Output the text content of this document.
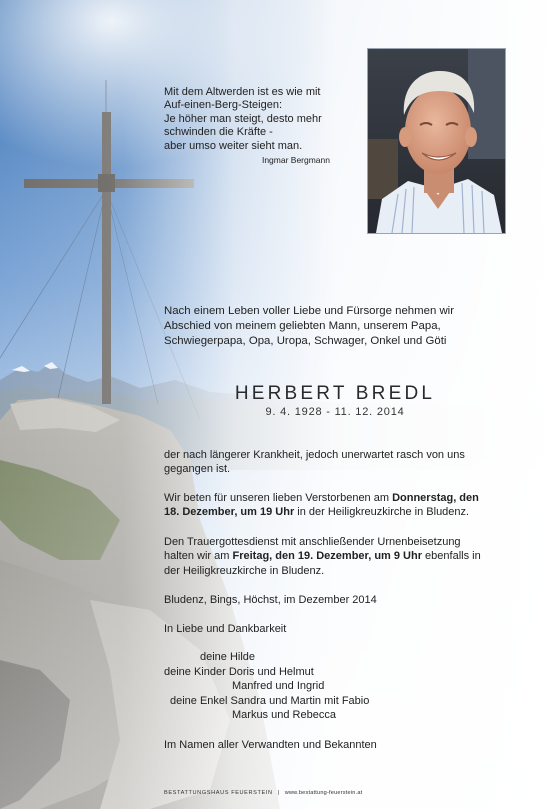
Mit dem Altwerden ist es wie mit
Auf-einen-Berg-Steigen:
Je höher man steigt, desto mehr
schwinden die Kräfte -
aber umso weiter sieht man.
Ingmar Bergmann
Nach einem Leben voller Liebe und Fürsorge nehmen wir
Abschied von meinem geliebten Mann, unserem Papa,
Schwiegerpapa, Opa, Uropa, Schwager, Onkel und Göti
HERBERT BREDL
9. 4. 1928 - 11. 12. 2014
der nach längerer Krankheit, jedoch unerwartet rasch von uns
gegangen ist.
Wir beten für unseren lieben Verstorbenen am Donnerstag, den
18. Dezember, um 19 Uhr in der Heiligkreuzkirche in Bludenz.
Den Trauergottesdienst mit anschließender Urnenbeisetzung
halten wir am Freitag, den 19. Dezember, um 9 Uhr ebenfalls in
der Heiligkreuzkirche in Bludenz.
Bludenz, Bings, Höchst, im Dezember 2014
In Liebe und Dankbarkeit
deine Hilde
deine Kinder Doris und Helmut
Manfred und Ingrid
deine Enkel Sandra und Martin mit Fabio
Markus und Rebecca
Im Namen aller Verwandten und Bekannten
BESTATTUNGSHAUS FEUERSTEIN | www.bestattung-feuerstein.at
